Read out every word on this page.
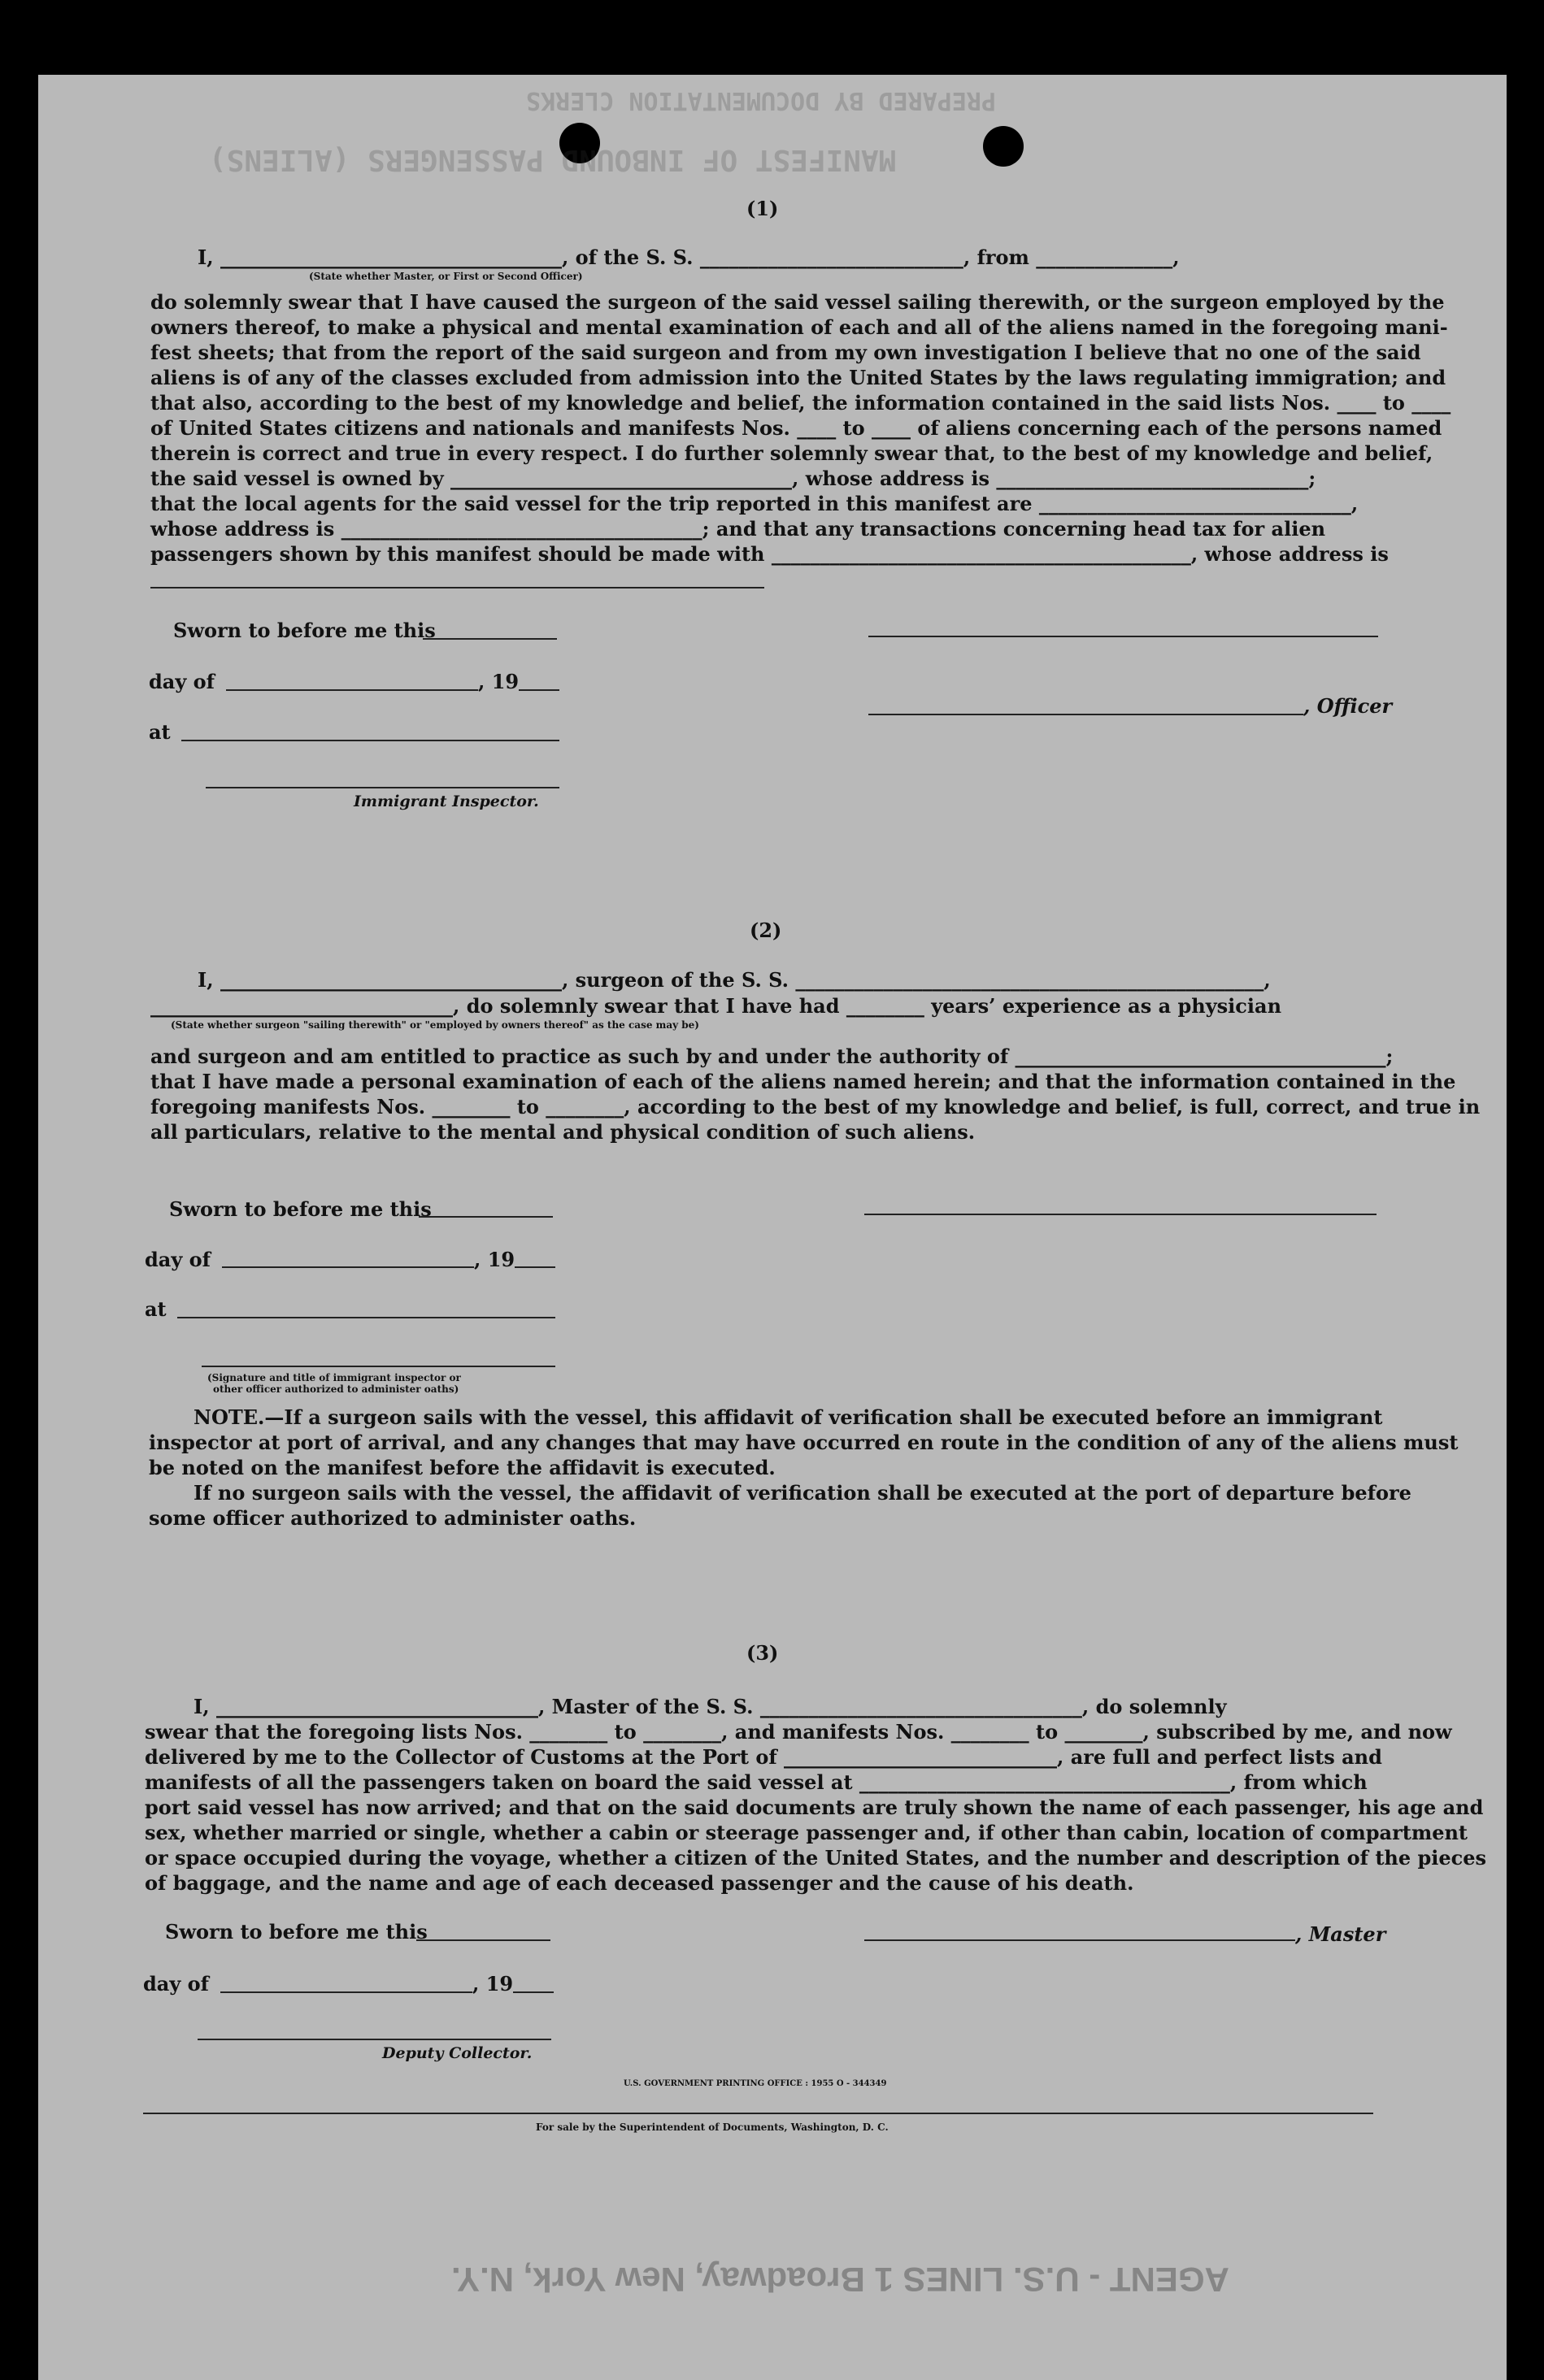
PREPARED BY DOCUMENTATION CLERKS
MANIFEST OF INBOUND PASSENGERS (ALIENS)
(1)
I, ___________________________________, of the S. S. ___________________________, from ______________,
(State whether Master, or First or Second Officer)
do solemnly swear that I have caused the surgeon of the said vessel sailing therewith, or the surgeon employed by the
owners thereof, to make a physical and mental examination of each and all of the aliens named in the foregoing mani-
fest sheets; that from the report of the said surgeon and from my own investigation I believe that no one of the said
aliens is of any of the classes excluded from admission into the United States by the laws regulating immigration; and
that also, according to the best of my knowledge and belief, the information contained in the said lists Nos. ____ to ____
of United States citizens and nationals and manifests Nos. ____ to ____ of aliens concerning each of the persons named
therein is correct and true in every respect. I do further solemnly swear that, to the best of my knowledge and belief,
the said vessel is owned by ___________________________________, whose address is ________________________________;
that the local agents for the said vessel for the trip reported in this manifest are ________________________________,
whose address is _____________________________________; and that any transactions concerning head tax for alien
passengers shown by this manifest should be made with ___________________________________________, whose address is
Sworn to before me this
day of	, 19
, Officer
at
Immigrant Inspector.
(2)
I, ___________________________________, surgeon of the S. S. ________________________________________________,
_______________________________, do solemnly swear that I have had ________ years’ experience as a physician
(State whether surgeon "sailing therewith" or "employed by owners thereof" as the case may be)
and surgeon and am entitled to practice as such by and under the authority of ______________________________________;
that I have made a personal examination of each of the aliens named herein; and that the information contained in the
foregoing manifests Nos. ________ to ________, according to the best of my knowledge and belief, is full, correct, and true in
all particulars, relative to the mental and physical condition of such aliens.
Sworn to before me this
day of	, 19
at
(Signature and title of immigrant inspector or
other officer authorized to administer oaths)
NOTE.—If a surgeon sails with the vessel, this affidavit of verification shall be executed before an immigrant
inspector at port of arrival, and any changes that may have occurred en route in the condition of any of the aliens must
be noted on the manifest before the affidavit is executed.
If no surgeon sails with the vessel, the affidavit of verification shall be executed at the port of departure before
some officer authorized to administer oaths.
(3)
I, _________________________________, Master of the S. S. _________________________________, do solemnly
swear that the foregoing lists Nos. ________ to ________, and manifests Nos. ________ to ________, subscribed by me, and now
delivered by me to the Collector of Customs at the Port of ____________________________, are full and perfect lists and
manifests of all the passengers taken on board the said vessel at ______________________________________, from which
port said vessel has now arrived; and that on the said documents are truly shown the name of each passenger, his age and
sex, whether married or single, whether a cabin or steerage passenger and, if other than cabin, location of compartment
or space occupied during the voyage, whether a citizen of the United States, and the number and description of the pieces
of baggage, and the name and age of each deceased passenger and the cause of his death.
Sworn to before me this	, Master
day of	, 19
Deputy Collector.
U.S. GOVERNMENT PRINTING OFFICE : 1955 O - 344349
For sale by the Superintendent of Documents, Washington, D. C.
AGENT - U.S. LINES 1 Broadway, New York, N.Y.
